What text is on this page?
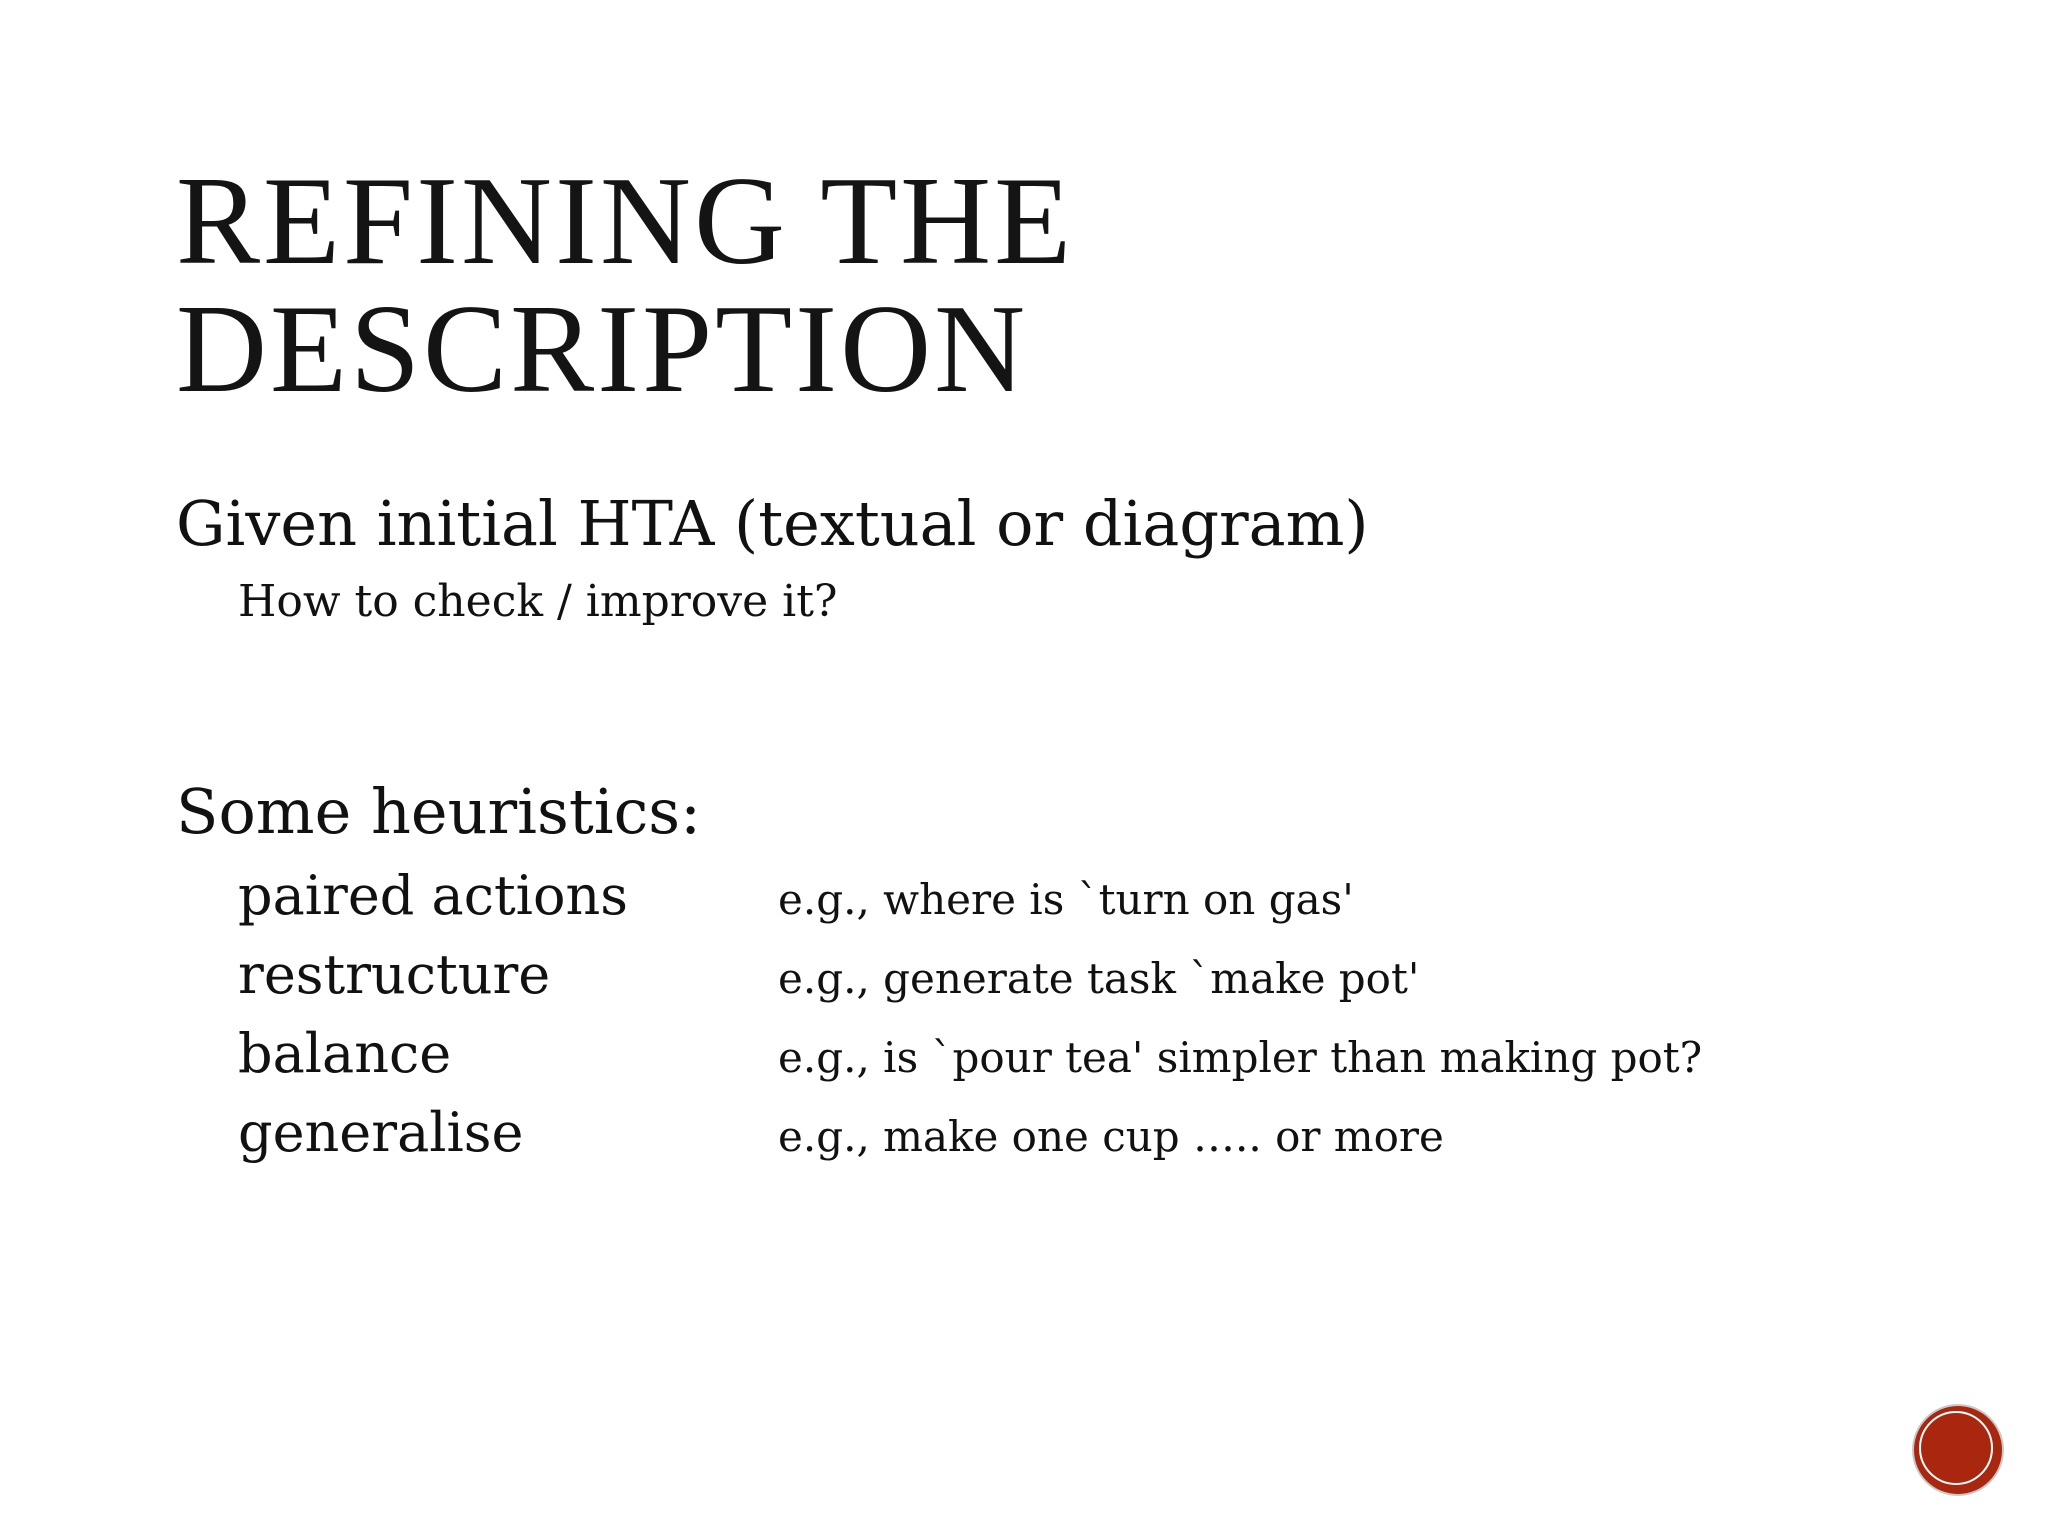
REFINING THE
DESCRIPTION
Given initial HTA (textual or diagram)
How to check / improve it?
Some heuristics:
paired actions	e.g., where is `turn on gas'
restructure	e.g., generate task `make pot'
balance	e.g., is `pour tea' simpler than making pot?
generalise	e.g., make one cup ….. or more
